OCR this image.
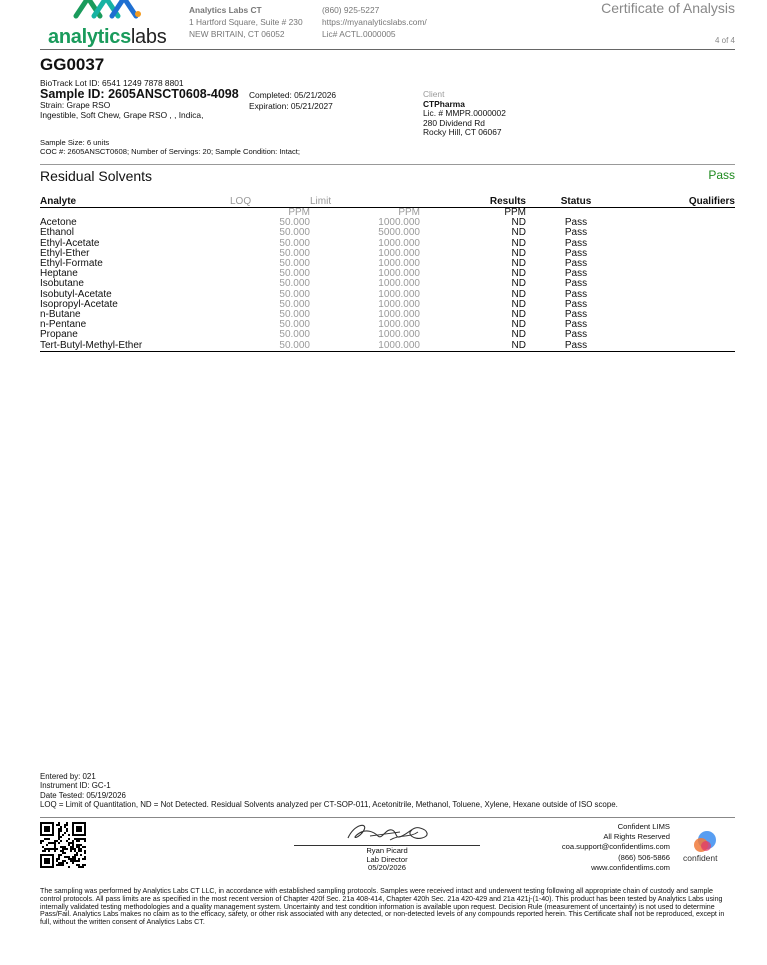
analyticslabs
Analytics Labs CT
1 Hartford Square, Suite # 230
NEW BRITAIN, CT 06052
(860) 925-5227
https://myanalyticslabs.com/
Lic# ACTL.0000005
Certificate of Analysis
4 of 4
GG0037
BioTrack Lot ID: 6541 1249 7878 8801
Sample ID: 2605ANSCT0608-4098
Strain: Grape RSO
Ingestible, Soft Chew, Grape RSO , , Indica,
Completed: 05/21/2026
Expiration: 05/21/2027
Client
CTPharma
Lic. # MMPR.0000002
280 Dividend Rd
Rocky Hill, CT 06067
Sample Size: 6 units
COC #: 2605ANSCT0608; Number of Servings: 20; Sample Condition: Intact;
Residual Solvents	Pass
Analyte	LOQ	Limit	Results	Status	Qualifiers
	PPM	PPM	PPM		
Acetone	50.000	1000.000	ND	Pass	
Ethanol	50.000	5000.000	ND	Pass	
Ethyl-Acetate	50.000	1000.000	ND	Pass	
Ethyl-Ether	50.000	1000.000	ND	Pass	
Ethyl-Formate	50.000	1000.000	ND	Pass	
Heptane	50.000	1000.000	ND	Pass	
Isobutane	50.000	1000.000	ND	Pass	
Isobutyl-Acetate	50.000	1000.000	ND	Pass	
Isopropyl-Acetate	50.000	1000.000	ND	Pass	
n-Butane	50.000	1000.000	ND	Pass	
n-Pentane	50.000	1000.000	ND	Pass	
Propane	50.000	1000.000	ND	Pass	
Tert-Butyl-Methyl-Ether	50.000	1000.000	ND	Pass	
Entered by: 021
Instrument ID: GC-1
Date Tested: 05/19/2026
LOQ = Limit of Quantitation, ND = Not Detected. Residual Solvents analyzed per CT-SOP-011, Acetonitrile, Methanol, Toluene, Xylene, Hexane outside of ISO scope.
Ryan Picard
Lab Director
05/20/2026
Confident LIMS
All Rights Reserved
coa.support@confidentlims.com
(866) 506-5866
www.confidentlims.com
confident
The sampling was performed by Analytics Labs CT LLC, in accordance with established sampling protocols. Samples were received intact and underwent testing following all appropriate chain of custody and sample control protocols. All pass limits are as specified in the most recent version of Chapter 420f Sec. 21a 408-414, Chapter 420h Sec. 21a 420-429 and 21a 421j-(1-40). This product has been tested by Analytics Labs using internally validated testing methodologies and a quality management system. Uncertainty and test condition information is available upon request. Decision Rule (measurement of uncertainty) is not used to determine Pass/Fail. Analytics Labs makes no claim as to the efficacy, safety, or other risk associated with any detected, or non-detected levels of any compounds reported herein. This Certificate shall not be reproduced, except in full, without the written consent of Analytics Labs CT.
